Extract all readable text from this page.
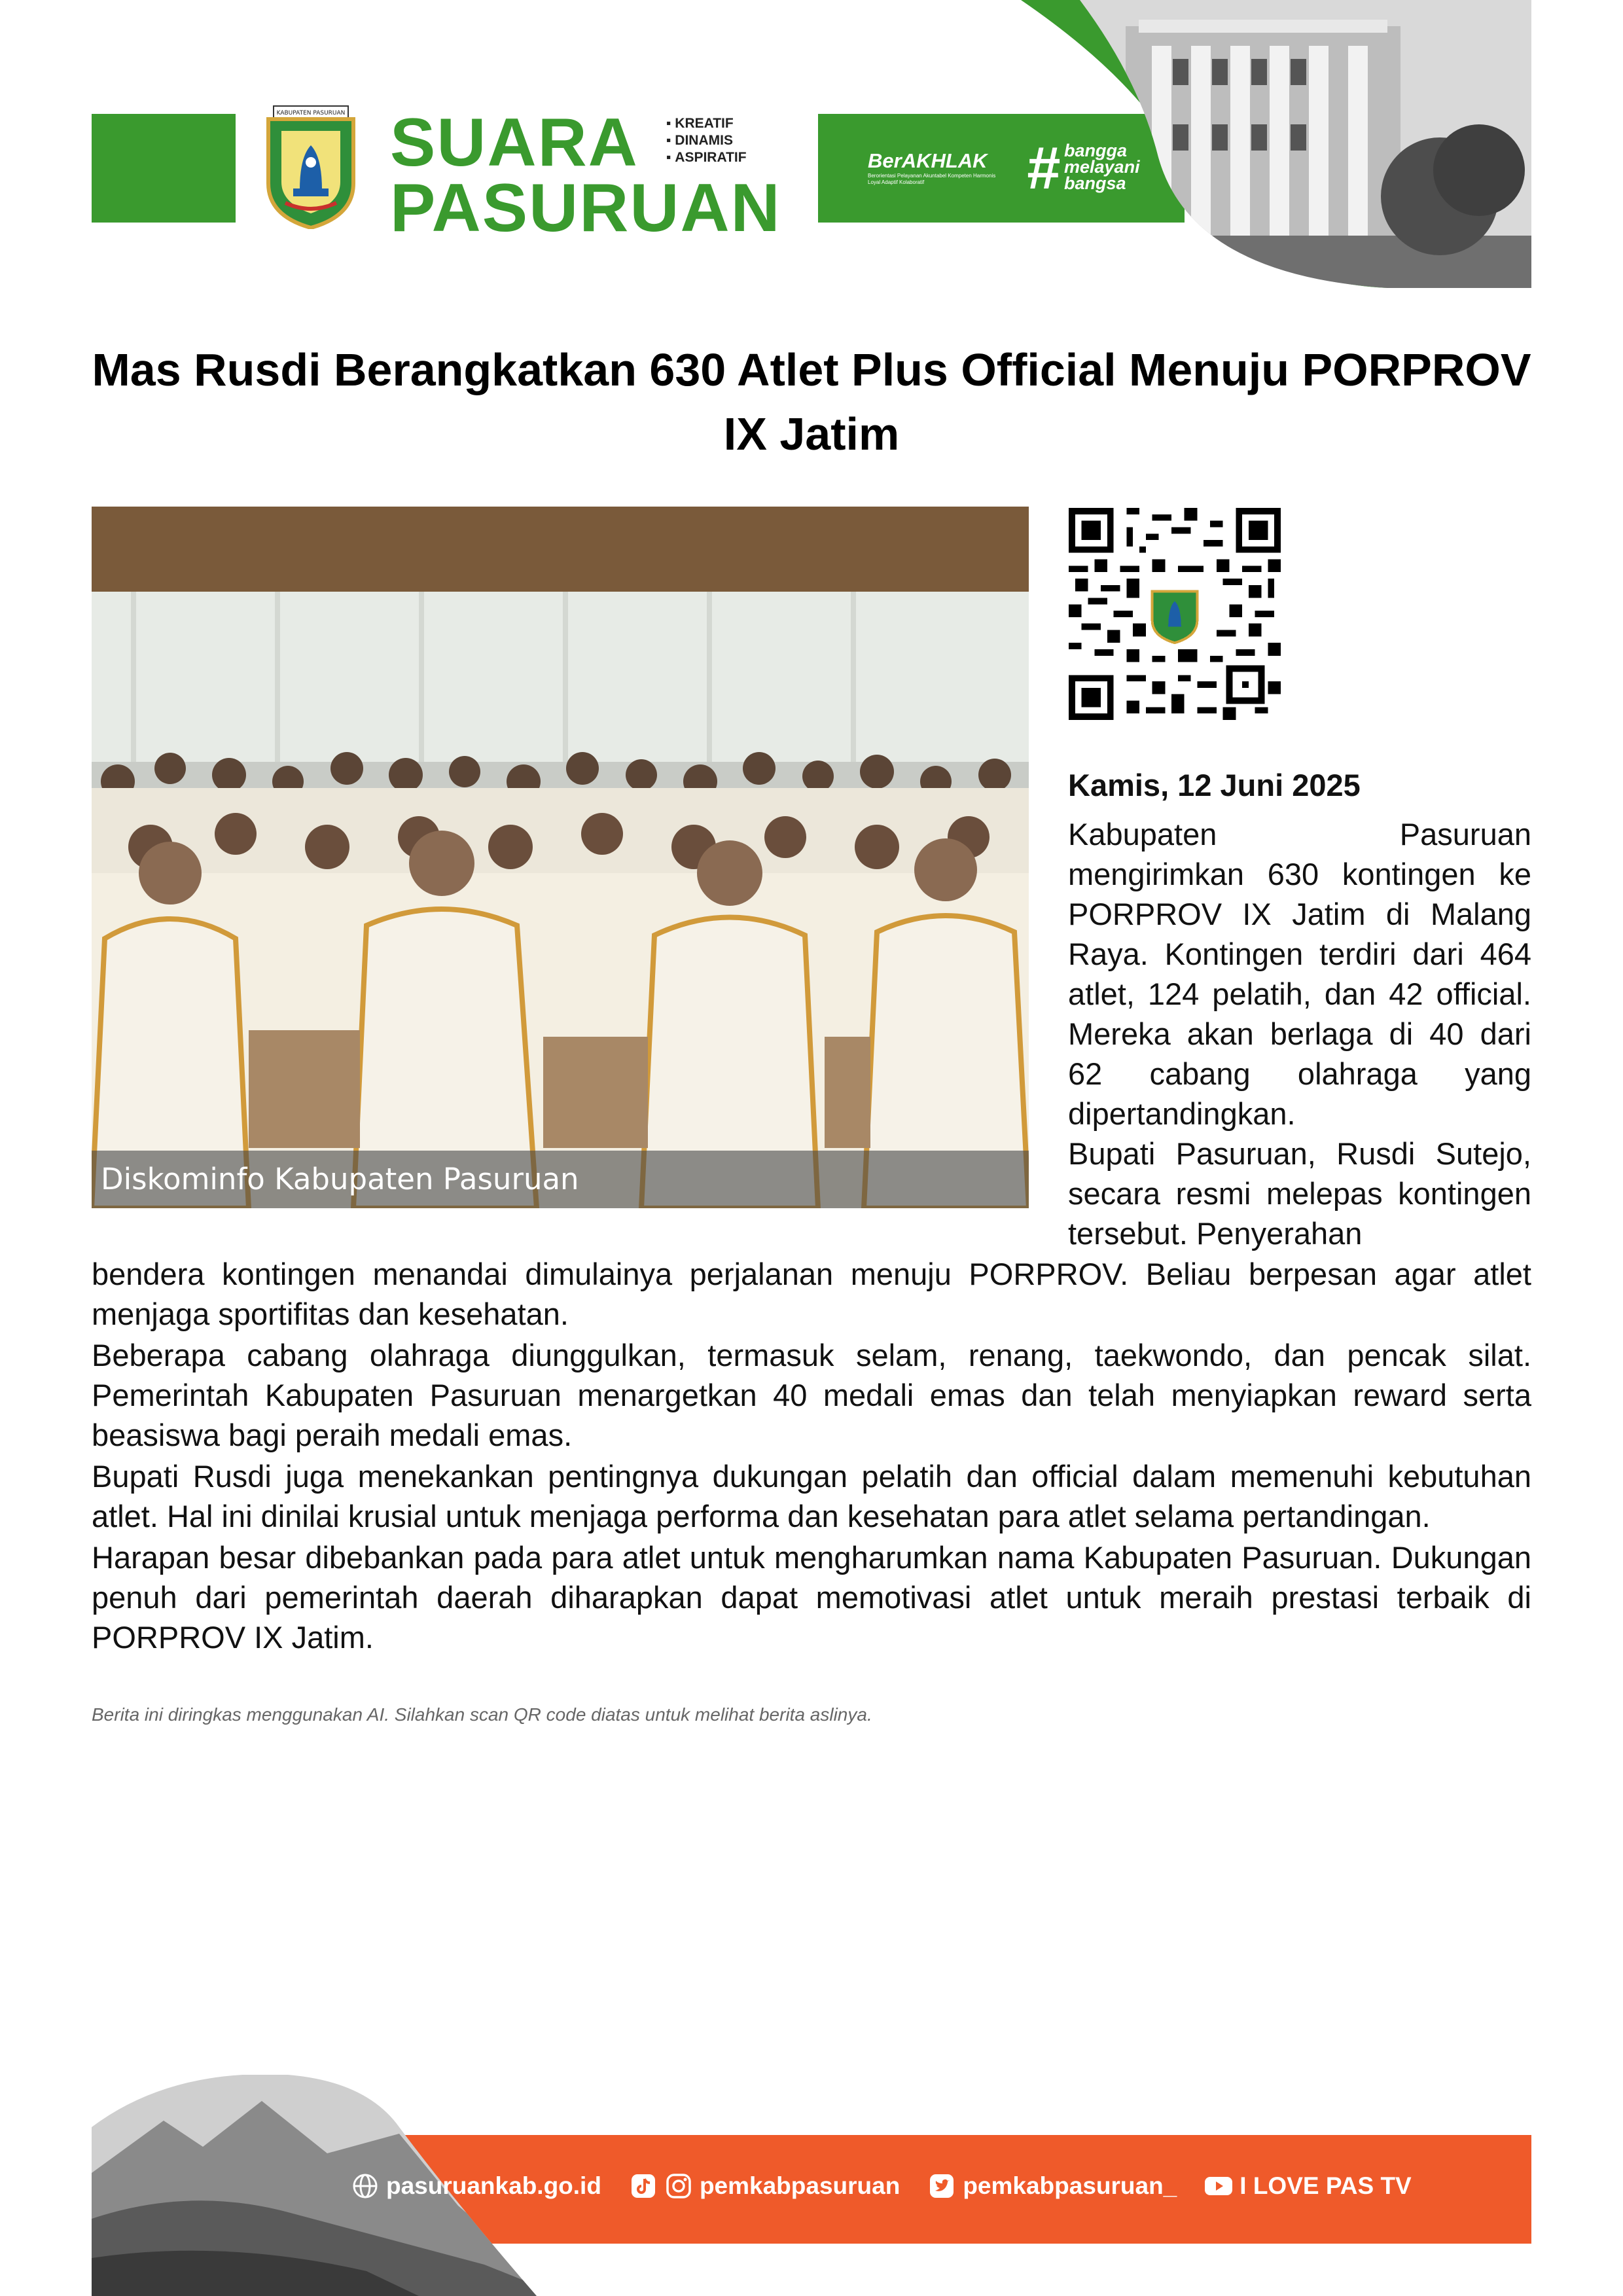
KABUPATEN PASURUAN SUARA
PASURUAN
▪ KREATIF
▪ DINAMIS
▪ ASPIRATIF	BerAKHLAK
Berorientasi Pelayanan Akuntabel Kompeten Harmonis Loyal Adaptif Kolaboratif	# bangga
melayani
bangsa
Mas Rusdi Berangkatkan 630 Atlet Plus Official Menuju PORPROV IX Jatim
Diskominfo Kabupaten Pasuruan
Kamis, 12 Juni 2025

Kabupaten Pasuruan mengirimkan 630 kontingen ke PORPROV IX Jatim di Malang Raya. Kontingen terdiri dari 464 atlet, 124 pelatih, dan 42 official. Mereka akan berlaga di 40 dari 62 cabang olahraga yang dipertandingkan.

Bupati Pasuruan, Rusdi Sutejo, secara resmi melepas kontingen tersebut. Penyerahan

bendera kontingen menandai dimulainya perjalanan menuju PORPROV. Beliau berpesan agar atlet menjaga sportifitas dan kesehatan.

Beberapa cabang olahraga diunggulkan, termasuk selam, renang, taekwondo, dan pencak silat. Pemerintah Kabupaten Pasuruan menargetkan 40 medali emas dan telah menyiapkan reward serta beasiswa bagi peraih medali emas.

Bupati Rusdi juga menekankan pentingnya dukungan pelatih dan official dalam memenuhi kebutuhan atlet. Hal ini dinilai krusial untuk menjaga performa dan kesehatan para atlet selama pertandingan.

Harapan besar dibebankan pada para atlet untuk mengharumkan nama Kabupaten Pasuruan. Dukungan penuh dari pemerintah daerah diharapkan dapat memotivasi atlet untuk meraih prestasi terbaik di PORPROV IX Jatim.

Berita ini diringkas menggunakan AI. Silahkan scan QR code diatas untuk melihat berita aslinya.
pasuruankab.go.id	pemkabpasuruan	pemkabpasuruan_	I LOVE PAS TV
